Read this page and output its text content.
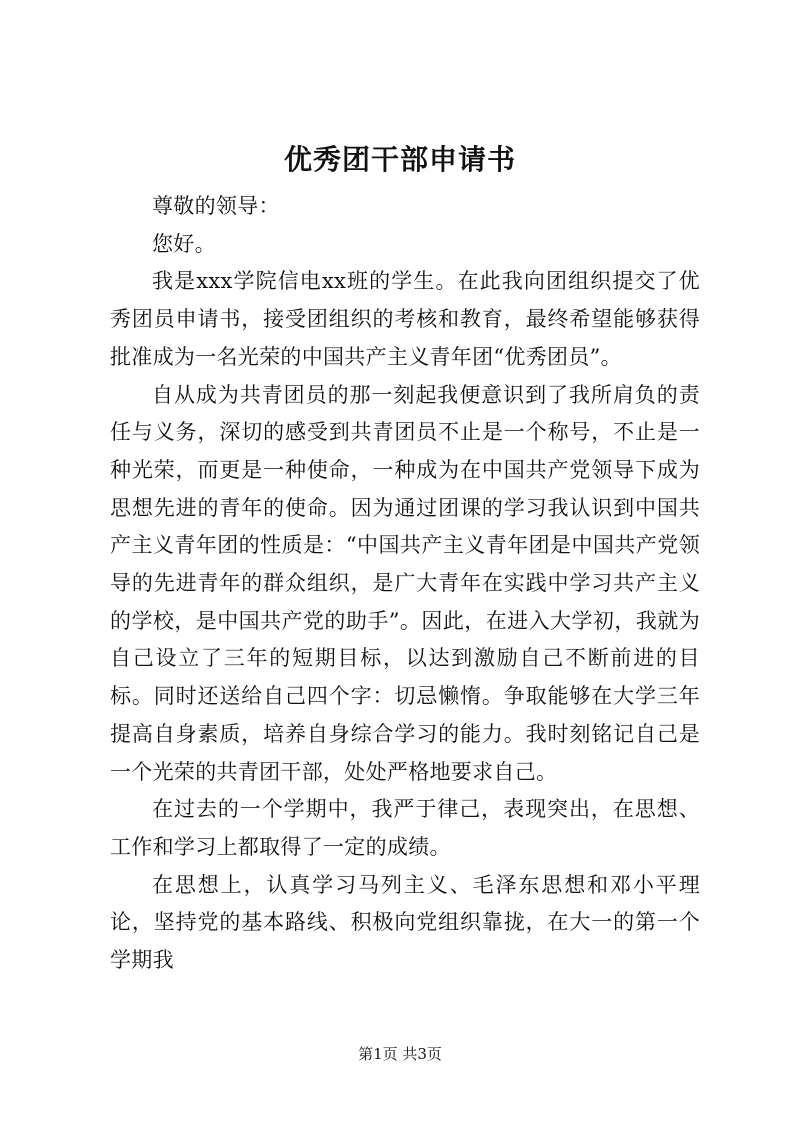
优秀团干部申请书

尊敬的领导：

您好。

我是xxx学院信电xx班的学生。在此我向团组织提交了优秀团员申请书，接受团组织的考核和教育，最终希望能够获得批准成为一名光荣的中国共产主义青年团“优秀团员”。

自从成为共青团员的那一刻起我便意识到了我所肩负的责任与义务，深切的感受到共青团员不止是一个称号，不止是一种光荣，而更是一种使命，一种成为在中国共产党领导下成为思想先进的青年的使命。因为通过团课的学习我认识到中国共产主义青年团的性质是：“中国共产主义青年团是中国共产党领导的先进青年的群众组织，是广大青年在实践中学习共产主义的学校，是中国共产党的助手”。因此，在进入大学初，我就为自己设立了三年的短期目标，以达到激励自己不断前进的目标。同时还送给自己四个字：切忌懒惰。争取能够在大学三年提高自身素质，培养自身综合学习的能力。我时刻铭记自己是一个光荣的共青团干部，处处严格地要求自己。

在过去的一个学期中，我严于律己，表现突出，在思想、工作和学习上都取得了一定的成绩。

在思想上，认真学习马列主义、毛泽东思想和邓小平理论，坚持党的基本路线、积极向党组织靠拢，在大一的第一个学期我

第1页 共3页
